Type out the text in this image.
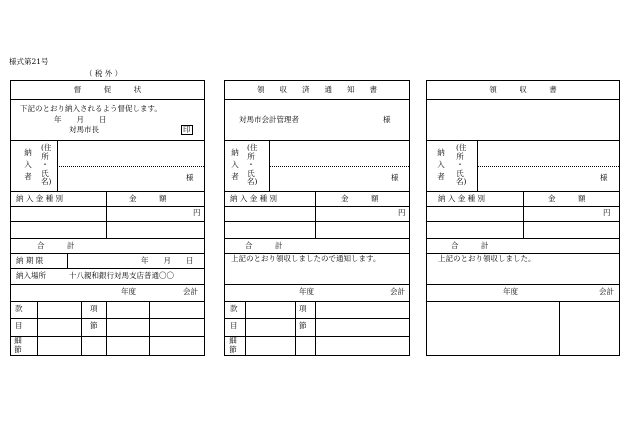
様式第21号
（ 税 外 ）
督　　　促　　　状
下記のとおり納入されるよう督促します。
年　　月　　日
対馬市長	印
納
入
者
(住
所
・
氏
名)	様
納 入 金 種 別	金　　　額
円
合　　　計
納 期 限	年　　月　　日
納入場所	十八親和銀行対馬支店普通〇〇
年度	会計
款	項
目	節
細
節
領　　収　　済　　通　　知　　書
対馬市会計管理者	様
納
入
者
(住
所
・
氏
名)	様
納 入 金 種 別	金　　　額
円
合　　　計
上記のとおり領収しましたので通知します。
年度	会計
款	項
目	節
細
節
領　　　収　　　書
納
入
者
(住
所
・
氏
名)	様
納 入 金 種 別	金　　　額
円
合　　　計
上記のとおり領収しました。
年度	会計
